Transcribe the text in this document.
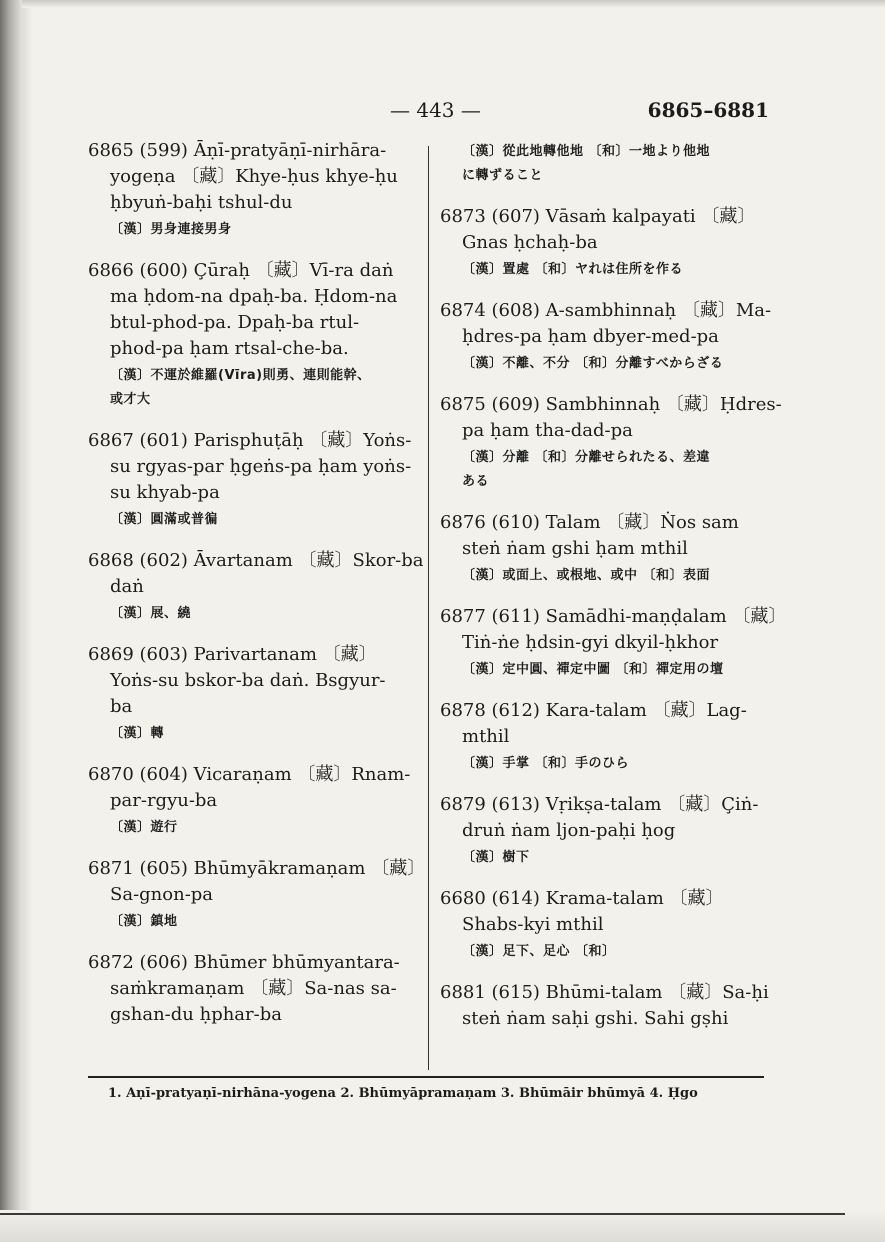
— 443 —	6865–6881
6865 (599) Āṇī-pratyāṇī-nirhāra-
yogeṇa 〔藏〕Khye-ḥus khye-ḥu
ḥbyuṅ-baḥi tshul-du
〔漢〕男身連接男身
6866 (600) Çūraḥ 〔藏〕Vī-ra daṅ
ma ḥdom-na dpaḥ-ba. Ḥdom-na
btul-phod-pa. Dpaḥ-ba rtul-
phod-pa ḥam rtsal-che-ba.
〔漢〕不運於維羅(Vīra)則勇、連則能幹、
或才大
6867 (601) Parisphuṭāḥ 〔藏〕Yoṅs-
su rgyas-par ḥgeṅs-pa ḥam yoṅs-
su khyab-pa
〔漢〕圓滿或普徧
6868 (602) Āvartanam 〔藏〕Skor-ba
daṅ
〔漢〕展、繞
6869 (603) Parivartanam 〔藏〕
Yoṅs-su bskor-ba daṅ. Bsgyur-
ba
〔漢〕轉
6870 (604) Vicaraṇam 〔藏〕Rnam-
par-rgyu-ba
〔漢〕遊行
6871 (605) Bhūmyākramaṇam 〔藏〕
Sa-gnon-pa
〔漢〕鎮地
6872 (606) Bhūmer bhūmyantara-
saṁkramaṇam 〔藏〕Sa-nas sa-
gshan-du ḥphar-ba
〔漢〕從此地轉他地 〔和〕一地より他地
に轉ずること
6873 (607) Vāsaṁ kalpayati 〔藏〕
Gnas ḥchaḥ-ba
〔漢〕置處 〔和〕ヤれは住所を作る
6874 (608) A-sambhinnaḥ 〔藏〕Ma-
ḥdres-pa ḥam dbyer-med-pa
〔漢〕不離、不分 〔和〕分離すべからざる
6875 (609) Sambhinnaḥ 〔藏〕Ḥdres-
pa ḥam tha-dad-pa
〔漢〕分離 〔和〕分離せられたる、差違
ある
6876 (610) Talam 〔藏〕Ṅos sam
steṅ ṅam gshi ḥam mthil
〔漢〕或面上、或根地、或中 〔和〕表面
6877 (611) Samādhi-maṇḍalam 〔藏〕
Tiṅ-ṅe ḥdsin-gyi dkyil-ḥkhor
〔漢〕定中圓、禪定中圖 〔和〕禪定用の壇
6878 (612) Kara-talam 〔藏〕Lag-
mthil
〔漢〕手掌 〔和〕手のひら
6879 (613) Vṛikṣa-talam 〔藏〕Çiṅ-
druṅ ṅam ljon-paḥi ḥog
〔漢〕樹下
6680 (614) Krama-talam 〔藏〕
Shabs-kyi mthil
〔漢〕足下、足心 〔和〕
6881 (615) Bhūmi-talam 〔藏〕Sa-ḥi
steṅ ṅam saḥi gshi. Sahi gṣhi
1. Aṇī-pratyaṇī-nirhāna-yogena 2. Bhūmyāpramaṇam 3. Bhūmāir bhūmyā 4. Ḥgo
